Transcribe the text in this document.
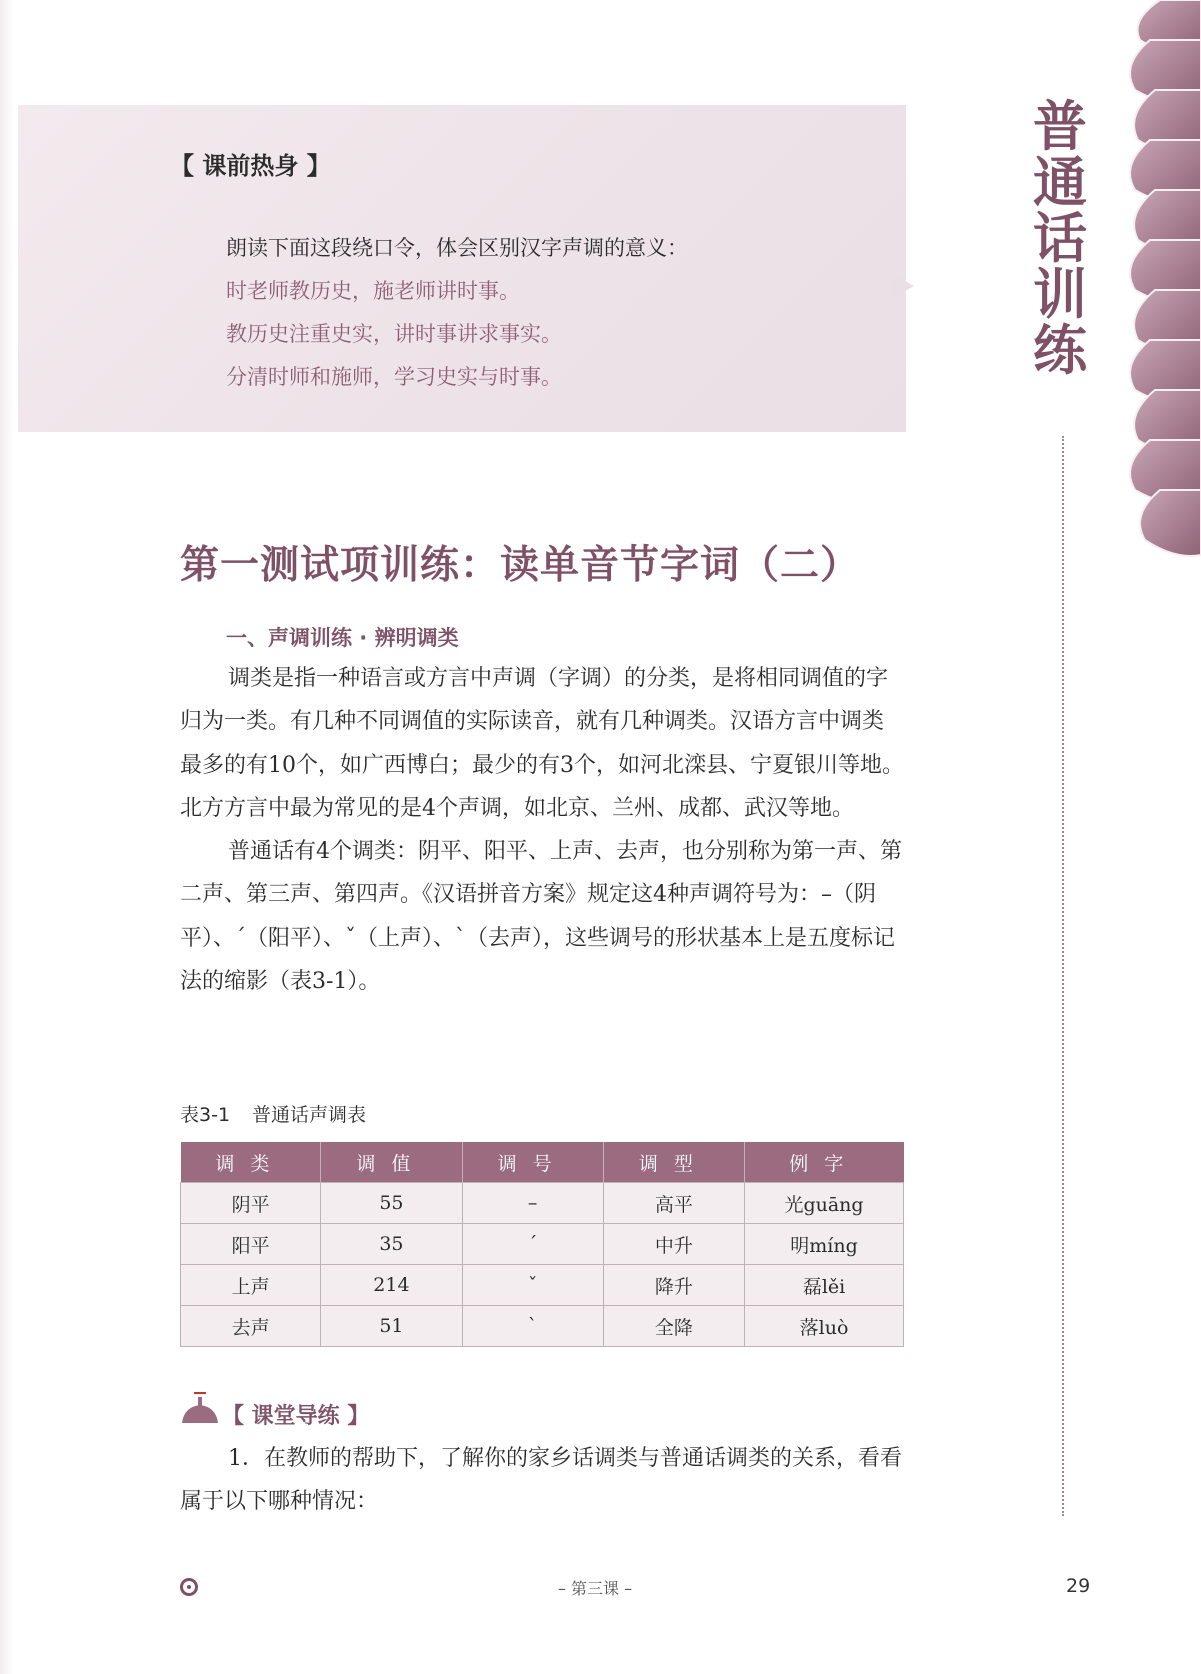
【 课前热身 】
朗读下面这段绕口令，体会区别汉字声调的意义：
时老师教历史，施老师讲时事。
教历史注重史实，讲时事讲求事实。
分清时师和施师，学习史实与时事。
普
通
话
训
练
第一测试项训练：读单音节字词（二）
一、声调训练 · 辨明调类

调类是指一种语言或方言中声调（字调）的分类，是将相同调值的字归为一类。有几种不同调值的实际读音，就有几种调类。汉语方言中调类最多的有10个，如广西博白；最少的有3个，如河北滦县、宁夏银川等地。北方方言中最为常见的是4个声调，如北京、兰州、成都、武汉等地。

普通话有4个调类：阴平、阳平、上声、去声，也分别称为第一声、第二声、第三声、第四声。《汉语拼音方案》规定这4种声调符号为：–（阴平）、ˊ（阳平）、ˇ（上声）、ˋ（去声），这些调号的形状基本上是五度标记法的缩影（表3-1）。

表3-1 普通话声调表
调类	调值	调号	调型	例字
阴平	55	–	高平	光guāng
阳平	35	ˊ	中升	明míng
上声	214	ˇ	降升	磊lěi
去声	51	ˋ	全降	落luò
【 课堂导练 】

1．在教师的帮助下，了解你的家乡话调类与普通话调类的关系，看看属于以下哪种情况：

– 第三课 –	29
